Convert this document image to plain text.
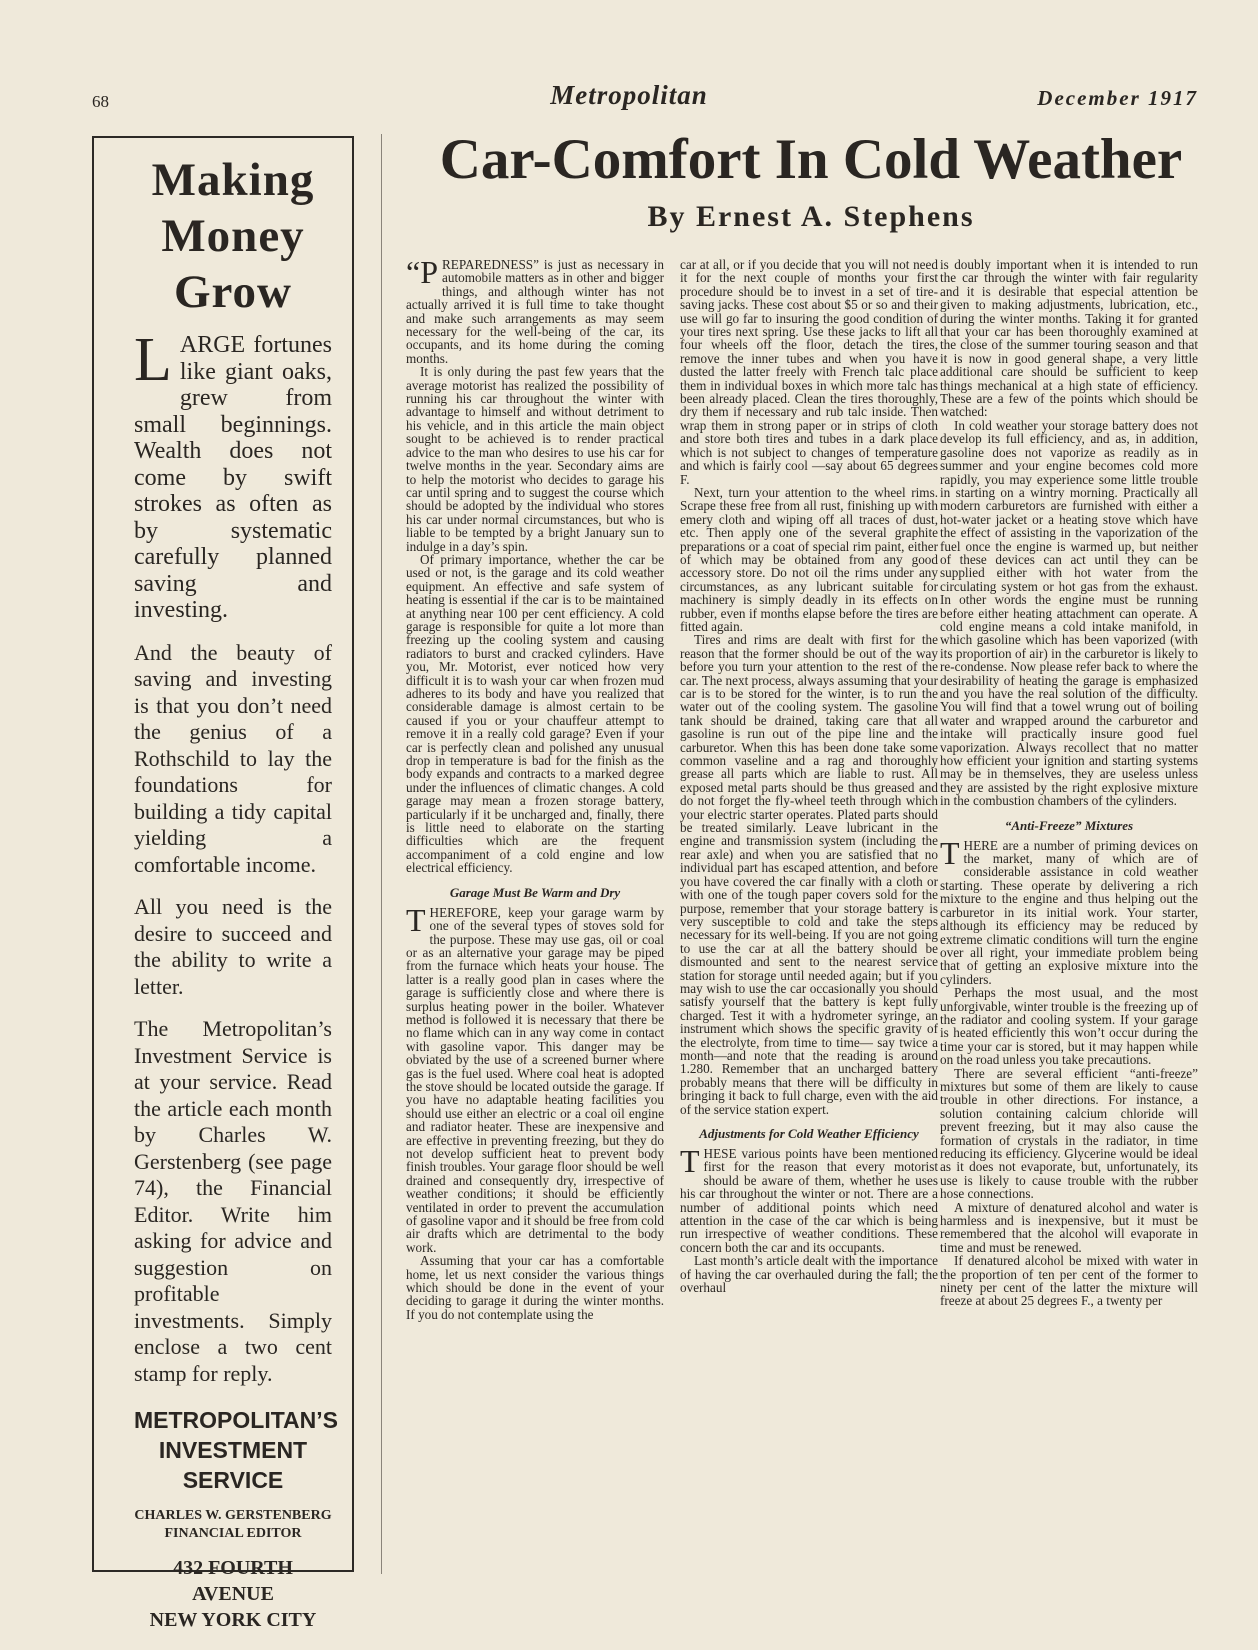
68	Metropolitan	December 1917
Making
Money
Grow

LARGE fortunes like giant oaks, grew from small beginnings. Wealth does not come by swift strokes as often as by systematic carefully planned saving and investing.

And the beauty of saving and investing is that you don’t need the genius of a Rothschild to lay the foundations for building a tidy capital yielding a comfortable income.

All you need is the desire to succeed and the ability to write a letter.

The Metropolitan’s Investment Service is at your service. Read the article each month by Charles W. Gerstenberg (see page 74), the Financial Editor. Write him asking for advice and suggestion on profitable investments. Simply enclose a two cent stamp for reply.

METROPOLITAN’S INVESTMENT SERVICE
CHARLES W. GERSTENBERG
FINANCIAL EDITOR
432 FOURTH AVENUE
NEW YORK CITY
Car-Comfort In Cold Weather
By Ernest A. Stephens

“PREPAREDNESS” is just as necessary in automobile matters as in other and bigger things, and although winter has not actually arrived it is full time to take thought and make such arrangements as may seem necessary for the well-being of the car, its occupants, and its home during the coming months.

It is only during the past few years that the average motorist has realized the possibility of running his car throughout the winter with advantage to himself and without detriment to his vehicle, and in this article the main object sought to be achieved is to render practical advice to the man who desires to use his car for twelve months in the year. Secondary aims are to help the motorist who decides to garage his car until spring and to suggest the course which should be adopted by the individual who stores his car under normal circumstances, but who is liable to be tempted by a bright January sun to indulge in a day’s spin.

Of primary importance, whether the car be used or not, is the garage and its cold weather equipment. An effective and safe system of heating is essential if the car is to be maintained at anything near 100 per cent efficiency. A cold garage is responsible for quite a lot more than freezing up the cooling system and causing radiators to burst and cracked cylinders. Have you, Mr. Motorist, ever noticed how very difficult it is to wash your car when frozen mud adheres to its body and have you realized that considerable damage is almost certain to be caused if you or your chauffeur attempt to remove it in a really cold garage? Even if your car is perfectly clean and polished any unusual drop in temperature is bad for the finish as the body expands and contracts to a marked degree under the influences of climatic changes. A cold garage may mean a frozen storage battery, particularly if it be uncharged and, finally, there is little need to elaborate on the starting difficulties which are the frequent accompaniment of a cold engine and low electrical efficiency.

Garage Must Be Warm and Dry

THEREFORE, keep your garage warm by one of the several types of stoves sold for the purpose. These may use gas, oil or coal or as an alternative your garage may be piped from the furnace which heats your house. The latter is a really good plan in cases where the garage is sufficiently close and where there is surplus heating power in the boiler. Whatever method is followed it is necessary that there be no flame which can in any way come in contact with gasoline vapor. This danger may be obviated by the use of a screened burner where gas is the fuel used. Where coal heat is adopted the stove should be located outside the garage. If you have no adaptable heating facilities you should use either an electric or a coal oil engine and radiator heater. These are inexpensive and are effective in preventing freezing, but they do not develop sufficient heat to prevent body finish troubles. Your garage floor should be well drained and consequently dry, irrespective of weather conditions; it should be efficiently ventilated in order to prevent the accumulation of gasoline vapor and it should be free from cold air drafts which are detrimental to the body work.

Assuming that your car has a comfortable home, let us next consider the various things which should be done in the event of your deciding to garage it during the winter months. If you do not contemplate using the

car at all, or if you decide that you will not need it for the next couple of months your first procedure should be to invest in a set of tire-saving jacks. These cost about $5 or so and their use will go far to insuring the good condition of your tires next spring. Use these jacks to lift all four wheels off the floor, detach the tires, remove the inner tubes and when you have dusted the latter freely with French talc place them in individual boxes in which more talc has been already placed. Clean the tires thoroughly, dry them if necessary and rub talc inside. Then wrap them in strong paper or in strips of cloth and store both tires and tubes in a dark place which is not subject to changes of temperature and which is fairly cool —say about 65 degrees F.

Next, turn your attention to the wheel rims. Scrape these free from all rust, finishing up with emery cloth and wiping off all traces of dust, etc. Then apply one of the several graphite preparations or a coat of special rim paint, either of which may be obtained from any good accessory store. Do not oil the rims under any circumstances, as any lubricant suitable for machinery is simply deadly in its effects on rubber, even if months elapse before the tires are fitted again.

Tires and rims are dealt with first for the reason that the former should be out of the way before you turn your attention to the rest of the car. The next process, always assuming that your car is to be stored for the winter, is to run the water out of the cooling system. The gasoline tank should be drained, taking care that all gasoline is run out of the pipe line and the carburetor. When this has been done take some common vaseline and a rag and thoroughly grease all parts which are liable to rust. All exposed metal parts should be thus greased and do not forget the fly-wheel teeth through which your electric starter operates. Plated parts should be treated similarly. Leave lubricant in the engine and transmission system (including the rear axle) and when you are satisfied that no individual part has escaped attention, and before you have covered the car finally with a cloth or with one of the tough paper covers sold for the purpose, remember that your storage battery is very susceptible to cold and take the steps necessary for its well-being. If you are not going to use the car at all the battery should be dismounted and sent to the nearest service station for storage until needed again; but if you may wish to use the car occasionally you should satisfy yourself that the battery is kept fully charged. Test it with a hydrometer syringe, an instrument which shows the specific gravity of the electrolyte, from time to time— say twice a month—and note that the reading is around 1.280. Remember that an uncharged battery probably means that there will be difficulty in bringing it back to full charge, even with the aid of the service station expert.

Adjustments for Cold Weather Efficiency

THESE various points have been mentioned first for the reason that every motorist should be aware of them, whether he uses his car throughout the winter or not. There are a number of additional points which need attention in the case of the car which is being run irrespective of weather conditions. These concern both the car and its occupants.

Last month’s article dealt with the importance of having the car overhauled during the fall; the overhaul

is doubly important when it is intended to run the car through the winter with fair regularity and it is desirable that especial attention be given to making adjustments, lubrication, etc., during the winter months. Taking it for granted that your car has been thoroughly examined at the close of the summer touring season and that it is now in good general shape, a very little additional care should be sufficient to keep things mechanical at a high state of efficiency. These are a few of the points which should be watched:

In cold weather your storage battery does not develop its full efficiency, and as, in addition, gasoline does not vaporize as readily as in summer and your engine becomes cold more rapidly, you may experience some little trouble in starting on a wintry morning. Practically all modern carburetors are furnished with either a hot-water jacket or a heating stove which have the effect of assisting in the vaporization of the fuel once the engine is warmed up, but neither of these devices can act until they can be supplied either with hot water from the circulating system or hot gas from the exhaust. In other words the engine must be running before either heating attachment can operate. A cold engine means a cold intake manifold, in which gasoline which has been vaporized (with its proportion of air) in the carburetor is likely to re-condense. Now please refer back to where the desirability of heating the garage is emphasized and you have the real solution of the difficulty. You will find that a towel wrung out of boiling water and wrapped around the carburetor and intake will practically insure good fuel vaporization. Always recollect that no matter how efficient your ignition and starting systems may be in themselves, they are useless unless they are assisted by the right explosive mixture in the combustion chambers of the cylinders.

“Anti-Freeze” Mixtures

THERE are a number of priming devices on the market, many of which are of considerable assistance in cold weather starting. These operate by delivering a rich mixture to the engine and thus helping out the carburetor in its initial work. Your starter, although its efficiency may be reduced by extreme climatic conditions will turn the engine over all right, your immediate problem being that of getting an explosive mixture into the cylinders.

Perhaps the most usual, and the most unforgivable, winter trouble is the freezing up of the radiator and cooling system. If your garage is heated efficiently this won’t occur during the time your car is stored, but it may happen while on the road unless you take precautions.

There are several efficient “anti-freeze” mixtures but some of them are likely to cause trouble in other directions. For instance, a solution containing calcium chloride will prevent freezing, but it may also cause the formation of crystals in the radiator, in time reducing its efficiency. Glycerine would be ideal as it does not evaporate, but, unfortunately, its use is likely to cause trouble with the rubber hose connections.

A mixture of denatured alcohol and water is harmless and is inexpensive, but it must be remembered that the alcohol will evaporate in time and must be renewed.

If denatured alcohol be mixed with water in the proportion of ten per cent of the former to ninety per cent of the latter the mixture will freeze at about 25 degrees F., a twenty per
